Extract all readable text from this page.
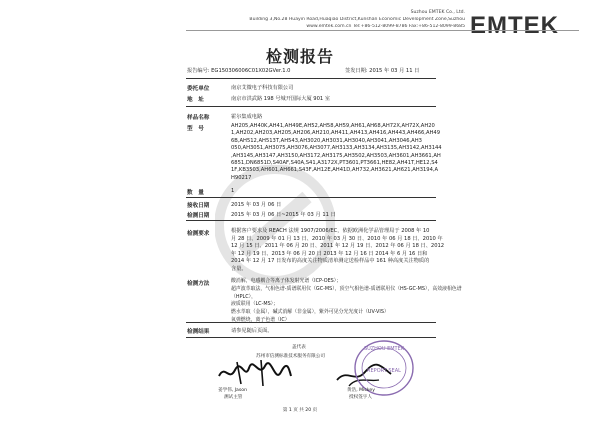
Suzhou EMTEK Co., Ltd.
Building 3,No.28 Huayin Road,Huaqiao District,Kunshan Economic Development Zone,Suzhou
www.emtek.com.cn Tel:+86-512-8099-8786 Fax:+86-512-8099-8685 EMTEK
检测报告
报告编号: EG150306006C01X02GVer.1.0	签发日期: 2015 年 03 月 11 日
委托单位	南京艾微电子科技有限公司
地　址	南京市洪武路 198 号城开国际大厦 901 室
样品名称	霍尔集成电路
型　号	AH205,AH40K,AH41,AH49E,AH52,AH58,AH59,AH61,AH68,AH72X,AH72X,AH20
1,AH202,AH203,AH205,AH206,AH210,AH411,AH413,AH416,AH443,AH466,AH49
6B,AH512,AH513T,AH543,AH3020,AH3031,AH3040,AH3041,AH3046,AH3
050,AH3051,AH3075,AH3076,AH3077,AH3133,AH3134,AH3135,AH3142,AH3144
,AH3145,AH3147,AH3150,AH3172,AH3175,AH3502,AH3503,AH3601,AH3661,AH
6851,DN6851D,S40AF,S40A,S41,A3172X,PT3601,PT3661,HE82,AH41T,HE12,S4
1F,KB3503,AH601,AH661,S43F,AH12E,AH41D,AH732,AH3621,AH621,AH3194,A
H90217
数　量	1
接收日期	2015 年 03 月 06 日
检测日期	2015 年 03 月 06 日~2015 年 03 月 11 日
检测要求	根据客户要求及 REACH 法规 1907/2006/EC，依据欧洲化学品管理局于 2008 年 10
月 28 日、2009 年 01 月 13 日、2010 年 03 月 30 日、2010 年 06 月 18 日、2010 年
12 月 15 日、2011 年 06 月 20 日、2011 年 12 月 19 日、2012 年 06 月 18 日、2012
年 12 月 19 日、2013 年 06 月 20 日 2013 年 12 月 16 日 2014 年 6 月 16 日和
2014 年 12 月 17 日发布的高度关注物质清单测定送检样品中 161 种高度关注物质的
含量。
检测方法	酸消解，电感耦合等离子体发射光谱（ICP-OES）；
超声波萃取法，气相色谱-质谱联用仪（GC-MS），顶空气相色谱-质谱联用仪（HS-GC-MS），高效液相色谱（HPLC），
液质联用（LC-MS）；
燃水萃取（金属），碱式消解（非金属），紫外可见分光光度计（UV-VIS）
氧弹燃烧，离子色谱（IC）
检测结果	请参见随后页面。
盖代表
苏州市信测标准技术服务有限公司
SUZHOU EMTEK
REPORT SEAL
姜学伟, Jason
测试主管
黄浩, Mickey
授权签字人
第 1 页 共 20 页
